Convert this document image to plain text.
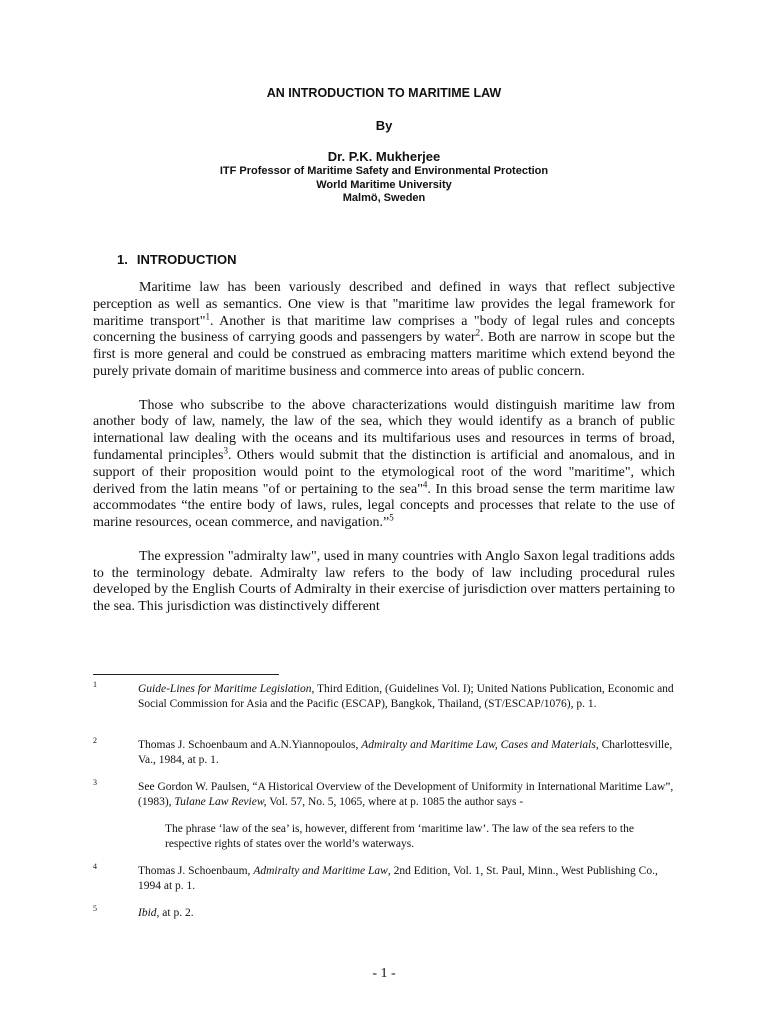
AN INTRODUCTION TO MARITIME LAW
By
Dr. P.K. Mukherjee
ITF Professor of Maritime Safety and Environmental Protection
World Maritime University
Malmö, Sweden
1. INTRODUCTION

Maritime law has been variously described and defined in ways that reflect subjective perception as well as semantics. One view is that "maritime law provides the legal framework for maritime transport"$^1$. Another is that maritime law comprises a "body of legal rules and concepts concerning the business of carrying goods and passengers by water$^2$. Both are narrow in scope but the first is more general and could be construed as embracing matters maritime which extend beyond the purely private domain of maritime business and commerce into areas of public concern.

Those who subscribe to the above characterizations would distinguish maritime law from another body of law, namely, the law of the sea, which they would identify as a branch of public international law dealing with the oceans and its multifarious uses and resources in terms of broad, fundamental principles$^3$. Others would submit that the distinction is artificial and anomalous, and in support of their proposition would point to the etymological root of the word "maritime", which derived from the latin means "of or pertaining to the sea"$^4$. In this broad sense the term maritime law accommodates “the entire body of laws, rules, legal concepts and processes that relate to the use of marine resources, ocean commerce, and navigation.”$^5$

The expression "admiralty law", used in many countries with Anglo Saxon legal traditions adds to the terminology debate. Admiralty law refers to the body of law including procedural rules developed by the English Courts of Admiralty in their exercise of jurisdiction over matters pertaining to the sea. This jurisdiction was distinctively different

1	Guide-Lines for Maritime Legislation, Third Edition, (Guidelines Vol. I); United Nations Publication, Economic and Social Commission for Asia and the Pacific (ESCAP), Bangkok, Thailand, (ST/ESCAP/1076), p. 1.
2	Thomas J. Schoenbaum and A.N.Yiannopoulos, Admiralty and Maritime Law, Cases and Materials, Charlottesville, Va., 1984, at p. 1.
3	See Gordon W. Paulsen, “A Historical Overview of the Development of Uniformity in International Maritime Law”, (1983), Tulane Law Review, Vol. 57, No. 5, 1065, where at p. 1085 the author says -
The phrase ‘law of the sea’ is, however, different from ‘maritime law’. The law of the sea refers to the respective rights of states over the world’s waterways.
4	Thomas J. Schoenbaum, Admiralty and Maritime Law, 2nd Edition, Vol. 1, St. Paul, Minn., West Publishing Co., 1994 at p. 1.
5	Ibid, at p. 2.
- 1 -
